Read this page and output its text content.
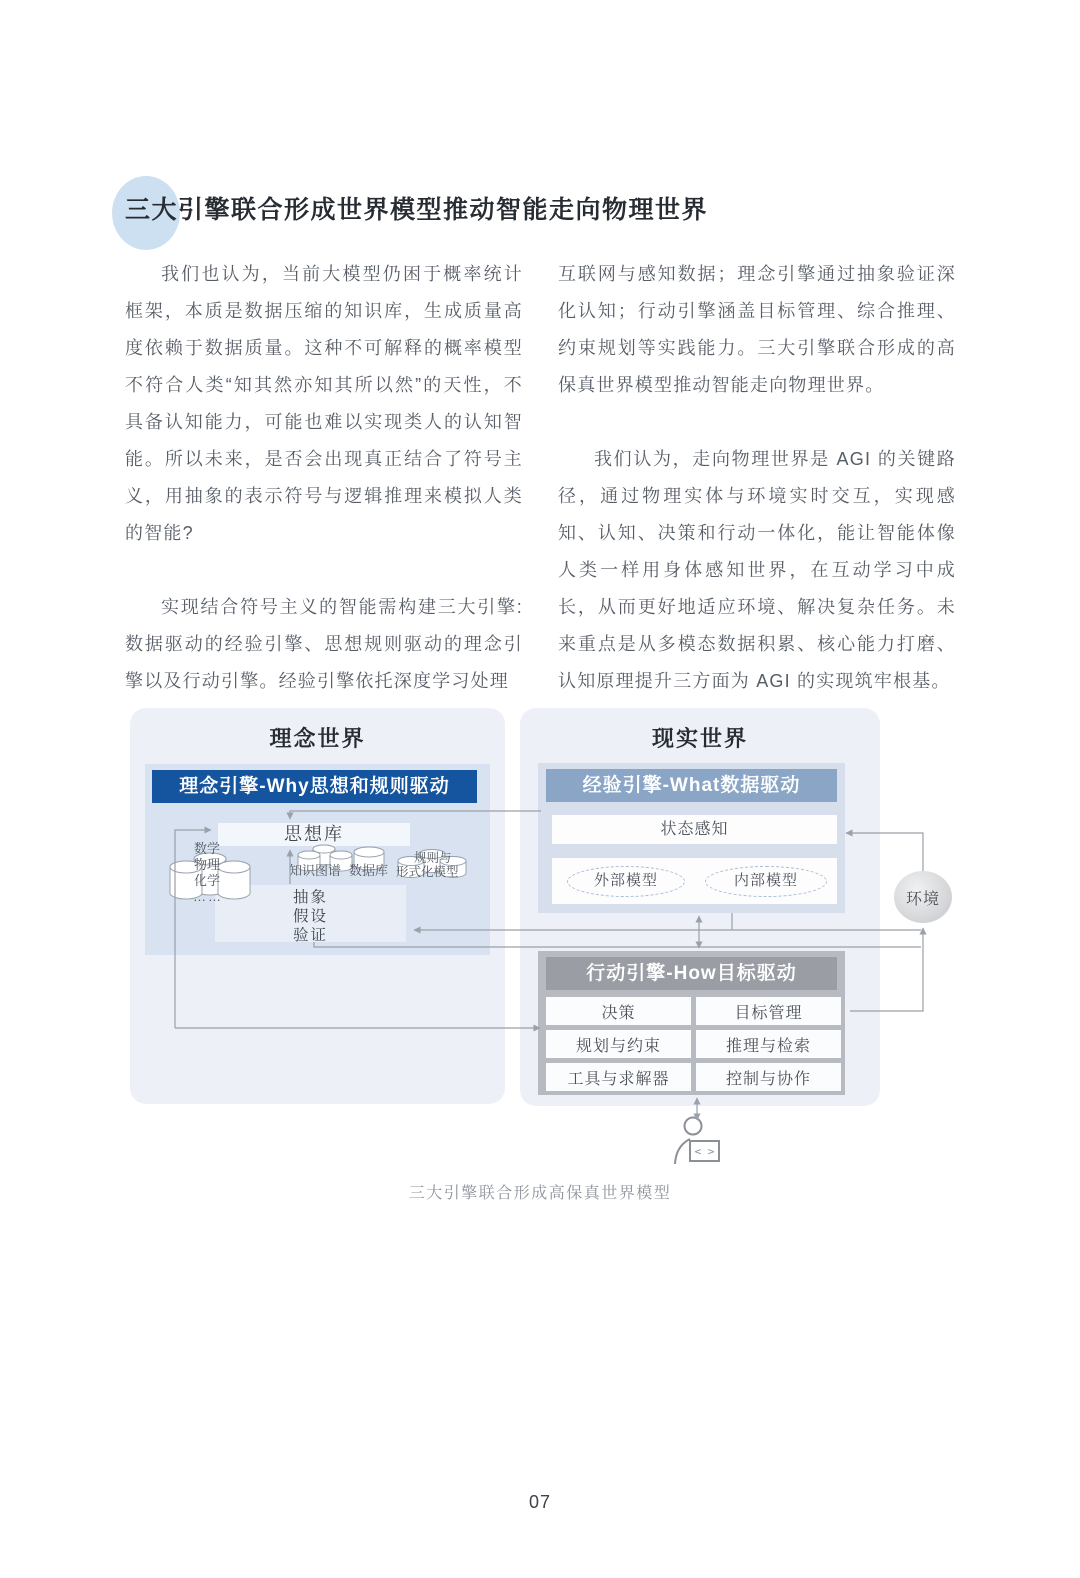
三大引擎联合形成世界模型推动智能走向物理世界

我们也认为，当前大模型仍困于概率统计框架，本质是数据压缩的知识库，生成质量高度依赖于数据质量。这种不可解释的概率模型不符合人类“知其然亦知其所以然”的天性，不具备认知能力，可能也难以实现类人的认知智能。所以未来，是否会出现真正结合了符号主义，用抽象的表示符号与逻辑推理来模拟人类的智能?

实现结合符号主义的智能需构建三大引擎:数据驱动的经验引擎、思想规则驱动的理念引擎以及行动引擎。经验引擎依托深度学习处理

互联网与感知数据；理念引擎通过抽象验证深化认知；行动引擎涵盖目标管理、综合推理、约束规划等实践能力。三大引擎联合形成的高保真世界模型推动智能走向物理世界。

我们认为，走向物理世界是 AGI 的关键路径，通过物理实体与环境实时交互，实现感知、认知、决策和行动一体化，能让智能体像人类一样用身体感知世界，在互动学习中成长，从而更好地适应环境、解决复杂任务。未来重点是从多模态数据积累、核心能力打磨、认知原理提升三方面为 AGI 的实现筑牢根基。

理念世界
理念引擎-Why思想和规则驱动
思想库
数学
物理
化学
……
知识图谱 数据库
规则与
形式化模型
抽象
假设
验证
现实世界
经验引擎-What数据驱动
状态感知
外部模型	内部模型
行动引擎-How目标驱动
决策	目标管理
规划与约束	推理与检索
工具与求解器	控制与协作
环境
< >
三大引擎联合形成高保真世界模型
07
